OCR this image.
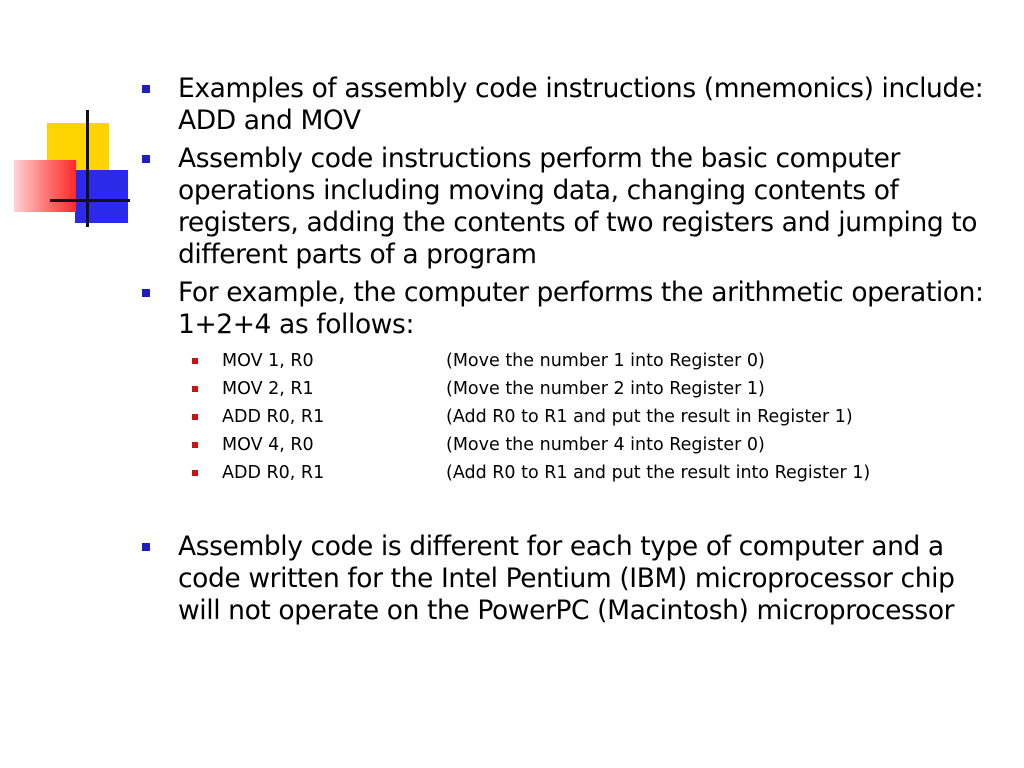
Examples of assembly code instructions (mnemonics) include: ADD and MOV
Assembly code instructions perform the basic computer operations including moving data, changing contents of registers, adding the contents of two registers and jumping to different parts of a program
For example, the computer performs the arithmetic operation: 1+2+4 as follows:
MOV 1, R0	(Move the number 1 into Register 0)
MOV 2, R1	(Move the number 2 into Register 1)
ADD R0, R1	(Add R0 to R1 and put the result in Register 1)
MOV 4, R0	(Move the number 4 into Register 0)
ADD R0, R1	(Add R0 to R1 and put the result into Register 1)
Assembly code is different for each type of computer and a code written for the Intel Pentium (IBM) microprocessor chip will not operate on the PowerPC (Macintosh) microprocessor
